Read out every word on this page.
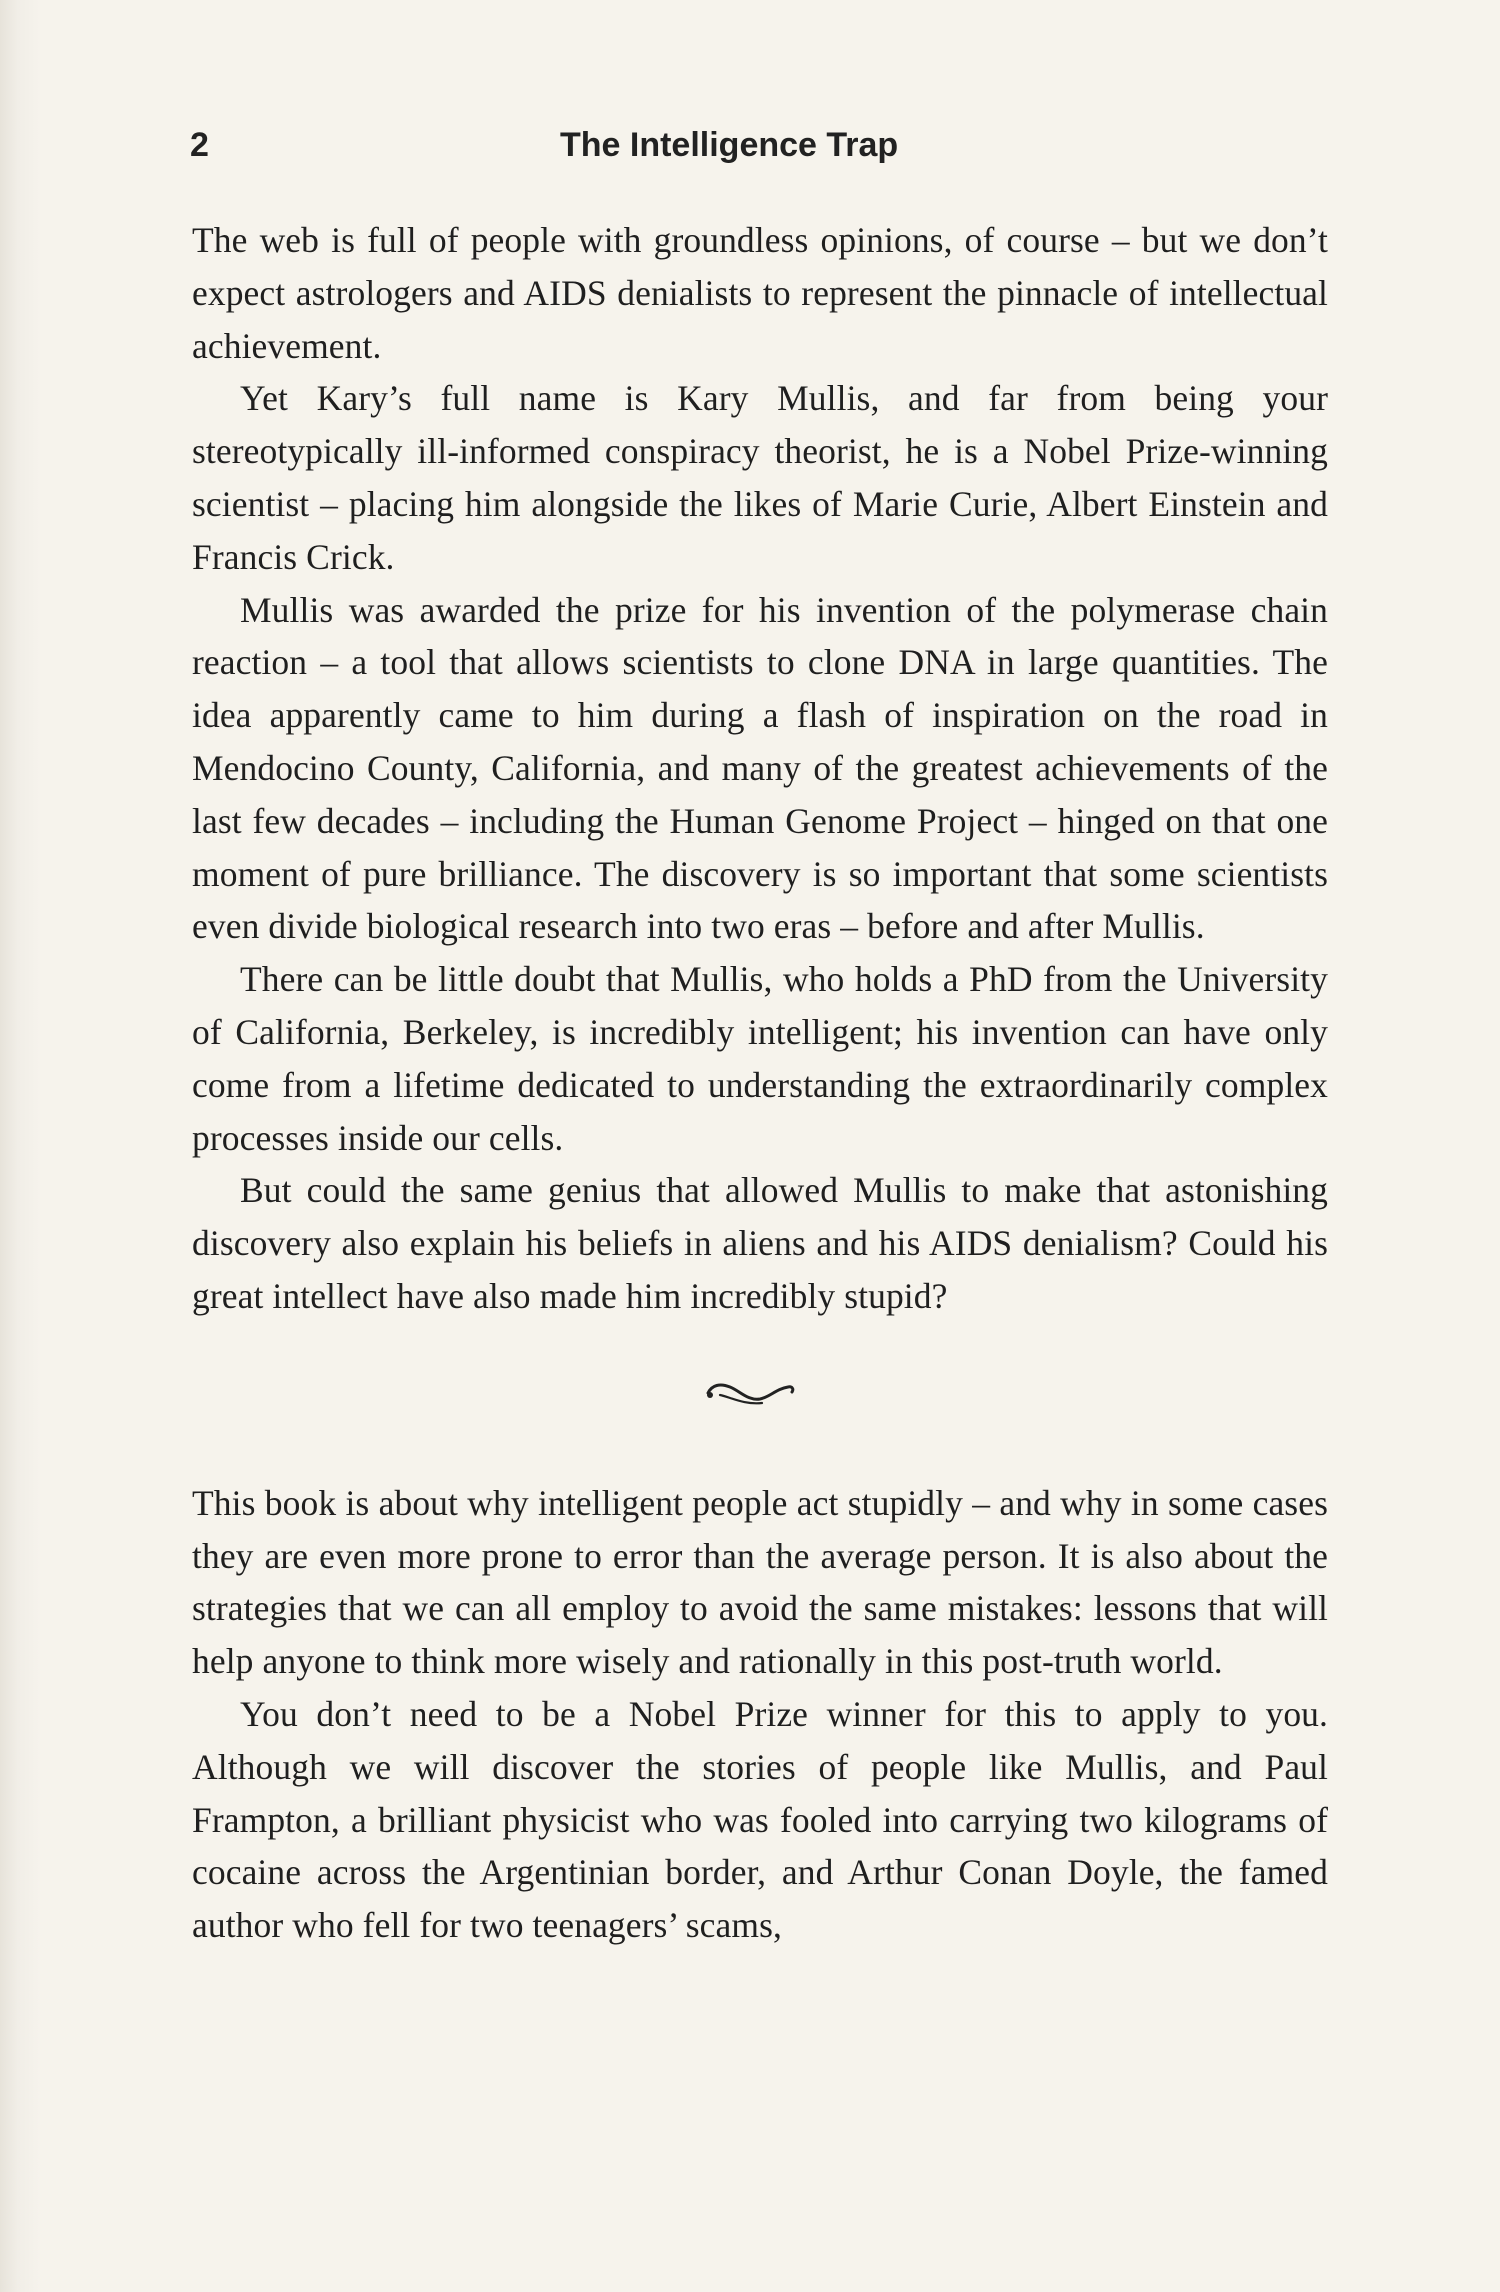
2	The Intelligence Trap

The web is full of people with groundless opinions, of course – but we don’t expect astrologers and AIDS denialists to represent the pinnacle of intellectual achievement.

Yet Kary’s full name is Kary Mullis, and far from being your stereotypically ill-informed conspiracy theorist, he is a Nobel Prize-winning scientist – placing him alongside the likes of Marie Curie, Albert Einstein and Francis Crick.

Mullis was awarded the prize for his invention of the polymerase chain reaction – a tool that allows scientists to clone DNA in large quantities. The idea apparently came to him during a flash of inspiration on the road in Mendocino County, California, and many of the greatest achievements of the last few decades – including the Human Genome Project – hinged on that one moment of pure brilliance. The discovery is so important that some scientists even divide biological research into two eras – before and after Mullis.

There can be little doubt that Mullis, who holds a PhD from the University of California, Berkeley, is incredibly intelligent; his invention can have only come from a lifetime dedicated to understanding the extraordinarily complex processes inside our cells.

But could the same genius that allowed Mullis to make that astonishing discovery also explain his beliefs in aliens and his AIDS denialism? Could his great intellect have also made him incredibly stupid?

This book is about why intelligent people act stupidly – and why in some cases they are even more prone to error than the average person. It is also about the strategies that we can all employ to avoid the same mistakes: lessons that will help anyone to think more wisely and rationally in this post-truth world.

You don’t need to be a Nobel Prize winner for this to apply to you. Although we will discover the stories of people like Mullis, and Paul Frampton, a brilliant physicist who was fooled into carrying two kilograms of cocaine across the Argentinian border, and Arthur Conan Doyle, the famed author who fell for two teenagers’ scams,
